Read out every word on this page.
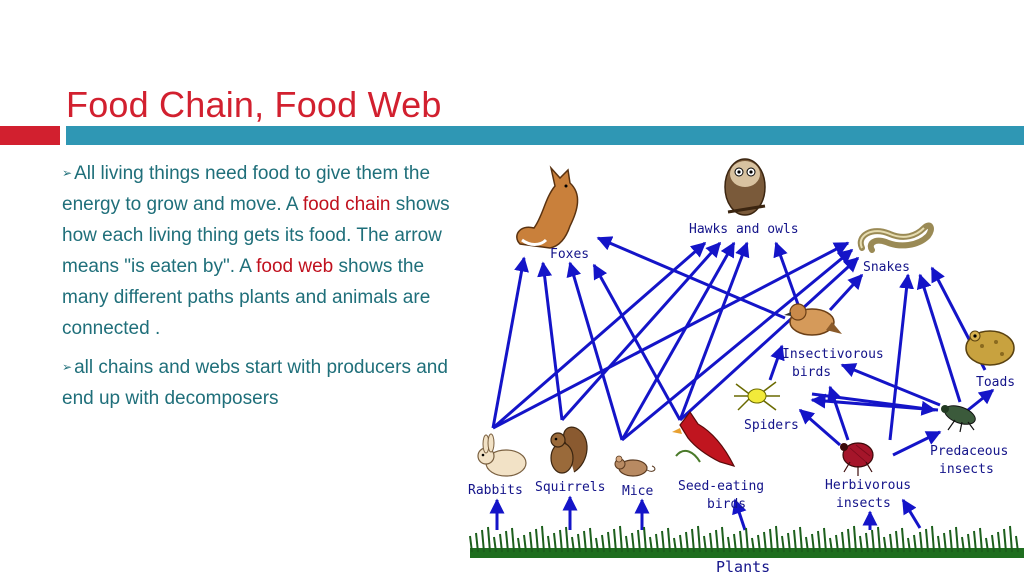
Food Chain, Food Web

➢ All living things need food to give them the energy to grow and move. A food chain shows how each living thing gets its food. The arrow means "is eaten by". A food web shows the many different paths plants and animals are connected .

➢ all chains and webs start with producers and end up with decomposers

Foxes
Hawks and owls
Snakes
Insectivorous
birds
Toads
Spiders
Predaceous
insects
Rabbits Squirrels Mice Seed-eating
birds
Herbivorous
insects
Plants
